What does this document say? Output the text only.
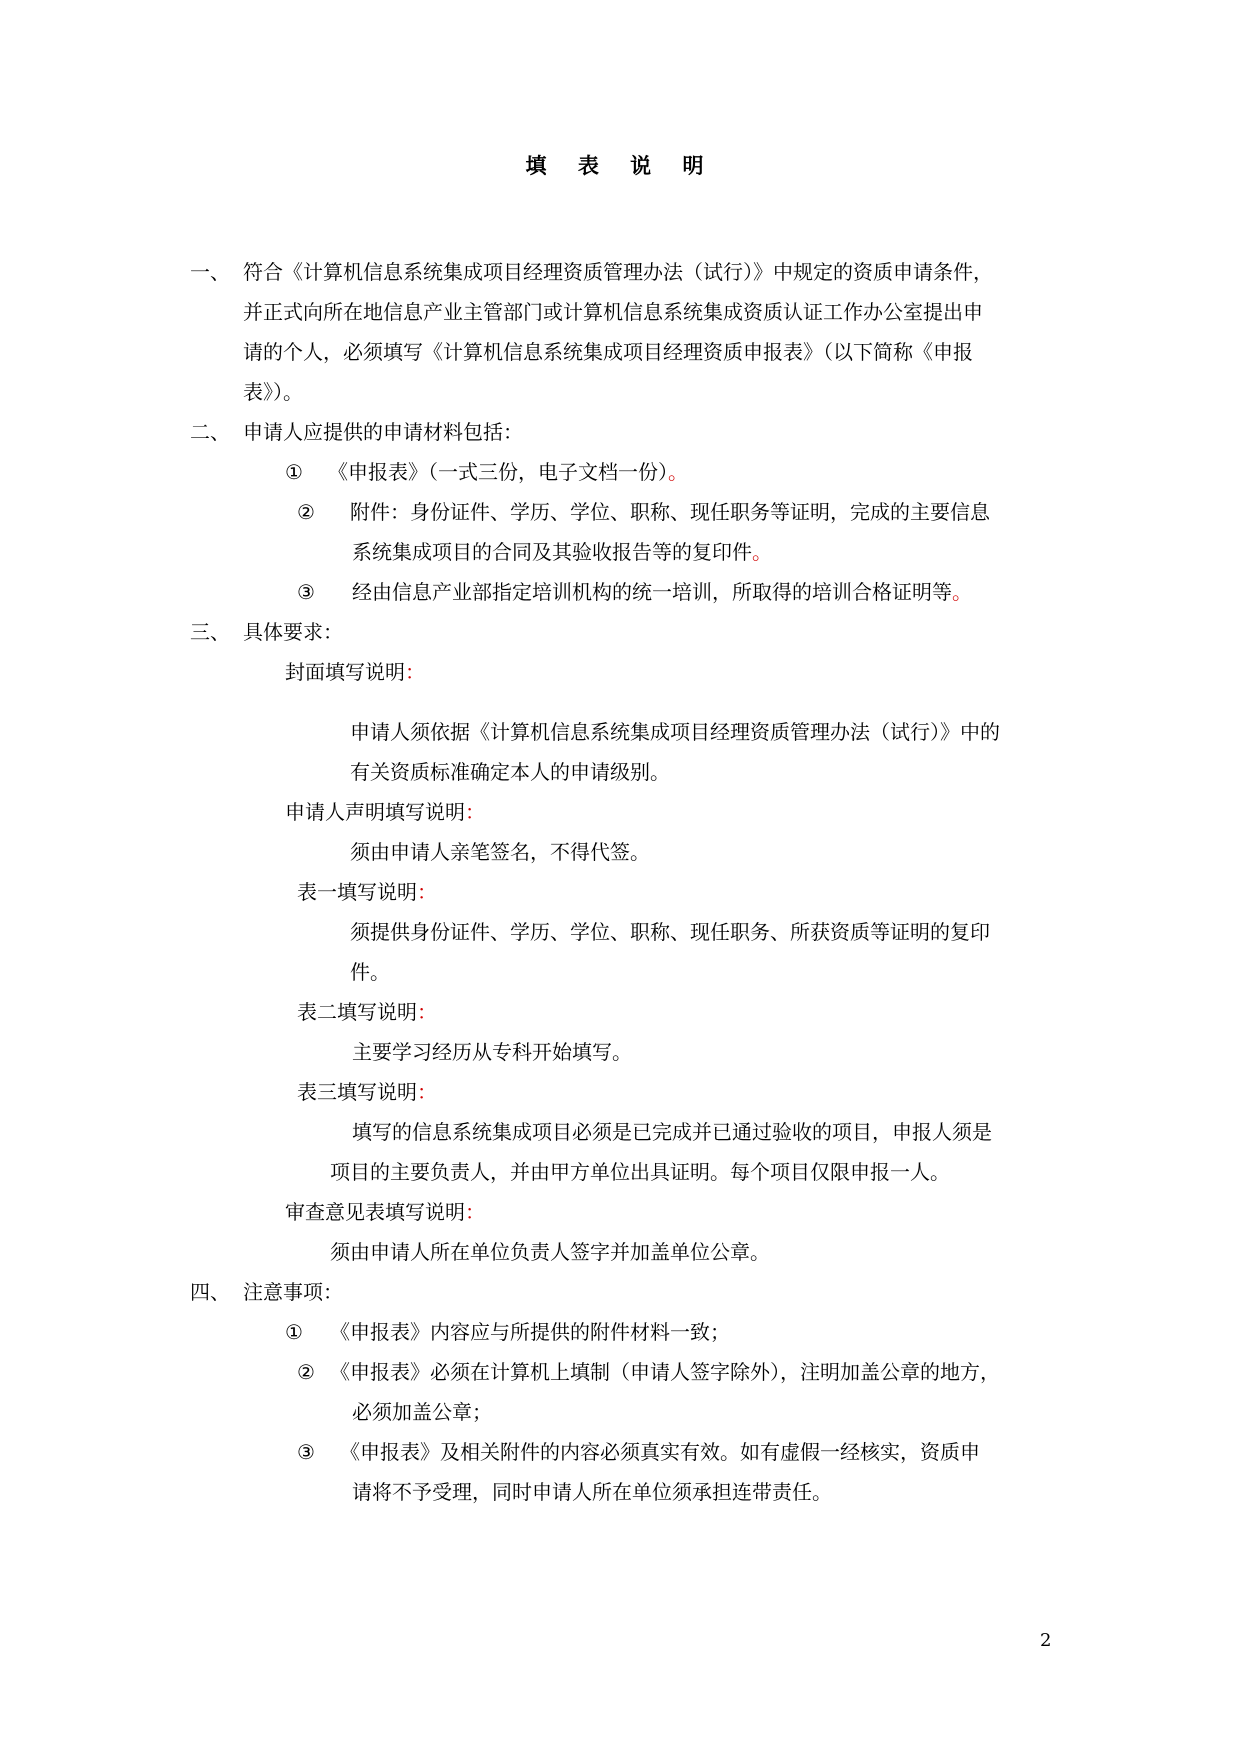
填 表 说 明
一、 符合《计算机信息系统集成项目经理资质管理办法（试行）》中规定的资质申请条件，
并正式向所在地信息产业主管部门或计算机信息系统集成资质认证工作办公室提出申
请的个人，必须填写《计算机信息系统集成项目经理资质申报表》（以下简称《申报
表》）。
二、 申请人应提供的申请材料包括：
① 《申报表》（一式三份，电子文档一份）。
② 附件：身份证件、学历、学位、职称、现任职务等证明，完成的主要信息
系统集成项目的合同及其验收报告等的复印件。
③ 经由信息产业部指定培训机构的统一培训，所取得的培训合格证明等。
三、 具体要求：
封面填写说明：
申请人须依据《计算机信息系统集成项目经理资质管理办法（试行）》中的
有关资质标准确定本人的申请级别。
申请人声明填写说明：
须由申请人亲笔签名，不得代签。
表一填写说明：
须提供身份证件、学历、学位、职称、现任职务、所获资质等证明的复印
件。
表二填写说明：
主要学习经历从专科开始填写。
表三填写说明：
填写的信息系统集成项目必须是已完成并已通过验收的项目，申报人须是
项目的主要负责人，并由甲方单位出具证明。每个项目仅限申报一人。
审查意见表填写说明：
须由申请人所在单位负责人签字并加盖单位公章。
四、 注意事项：
① 《申报表》内容应与所提供的附件材料一致；
② 《申报表》必须在计算机上填制（申请人签字除外），注明加盖公章的地方，
必须加盖公章；
③ 《申报表》及相关附件的内容必须真实有效。如有虚假一经核实，资质申
请将不予受理，同时申请人所在单位须承担连带责任。
2
